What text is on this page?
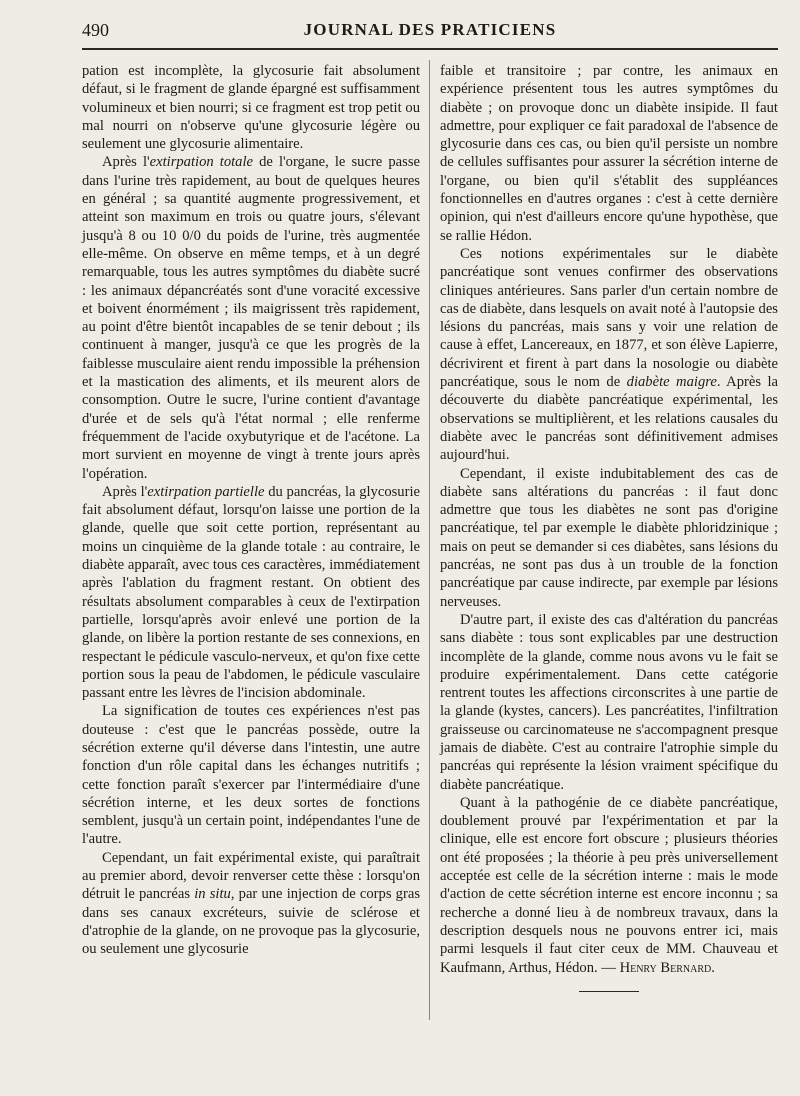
490	JOURNAL DES PRATICIENS

pation est incomplète, la glycosurie fait absolument défaut, si le fragment de glande épargné est suffisamment volumineux et bien nourri; si ce fragment est trop petit ou mal nourri on n'observe qu'une glycosurie légère ou seulement une glycosurie alimentaire.

Après l'extirpation totale de l'organe, le sucre passe dans l'urine très rapidement, au bout de quelques heures en général ; sa quantité augmente progressivement, et atteint son maximum en trois ou quatre jours, s'élevant jusqu'à 8 ou 10 0/0 du poids de l'urine, très augmentée elle-même. On observe en même temps, et à un degré remarquable, tous les autres symptômes du diabète sucré : les animaux dépancréatés sont d'une voracité excessive et boivent énormément ; ils maigrissent très rapidement, au point d'être bientôt incapables de se tenir debout ; ils continuent à manger, jusqu'à ce que les progrès de la faiblesse musculaire aient rendu impossible la préhension et la mastication des aliments, et ils meurent alors de consomption. Outre le sucre, l'urine contient d'avantage d'urée et de sels qu'à l'état normal ; elle renferme fréquemment de l'acide oxybutyrique et de l'acétone. La mort survient en moyenne de vingt à trente jours après l'opération.

Après l'extirpation partielle du pancréas, la glycosurie fait absolument défaut, lorsqu'on laisse une portion de la glande, quelle que soit cette portion, représentant au moins un cinquième de la glande totale : au contraire, le diabète apparaît, avec tous ces caractères, immédiatement après l'ablation du fragment restant. On obtient des résultats absolument comparables à ceux de l'extirpation partielle, lorsqu'après avoir enlevé une portion de la glande, on libère la portion restante de ses connexions, en respectant le pédicule vasculo-nerveux, et qu'on fixe cette portion sous la peau de l'abdomen, le pédicule vasculaire passant entre les lèvres de l'incision abdominale.

La signification de toutes ces expériences n'est pas douteuse : c'est que le pancréas possède, outre la sécrétion externe qu'il déverse dans l'intestin, une autre fonction d'un rôle capital dans les échanges nutritifs ; cette fonction paraît s'exercer par l'intermédiaire d'une sécrétion interne, et les deux sortes de fonctions semblent, jusqu'à un certain point, indépendantes l'une de l'autre.

Cependant, un fait expérimental existe, qui paraîtrait au premier abord, devoir renverser cette thèse : lorsqu'on détruit le pancréas in situ, par une injection de corps gras dans ses canaux excréteurs, suivie de sclérose et d'atrophie de la glande, on ne provoque pas la glycosurie, ou seulement une glycosurie

faible et transitoire ; par contre, les animaux en expérience présentent tous les autres symptômes du diabète ; on provoque donc un diabète insipide. Il faut admettre, pour expliquer ce fait paradoxal de l'absence de glycosurie dans ces cas, ou bien qu'il persiste un nombre de cellules suffisantes pour assurer la sécrétion interne de l'organe, ou bien qu'il s'établit des suppléances fonctionnelles en d'autres organes : c'est à cette dernière opinion, qui n'est d'ailleurs encore qu'une hypothèse, que se rallie Hédon.

Ces notions expérimentales sur le diabète pancréatique sont venues confirmer des observations cliniques antérieures. Sans parler d'un certain nombre de cas de diabète, dans lesquels on avait noté à l'autopsie des lésions du pancréas, mais sans y voir une relation de cause à effet, Lancereaux, en 1877, et son élève Lapierre, décrivirent et firent à part dans la nosologie ou diabète pancréatique, sous le nom de diabète maigre. Après la découverte du diabète pancréatique expérimental, les observations se multiplièrent, et les relations causales du diabète avec le pancréas sont définitivement admises aujourd'hui.

Cependant, il existe indubitablement des cas de diabète sans altérations du pancréas : il faut donc admettre que tous les diabètes ne sont pas d'origine pancréatique, tel par exemple le diabète phloridzinique ; mais on peut se demander si ces diabètes, sans lésions du pancréas, ne sont pas dus à un trouble de la fonction pancréatique par cause indirecte, par exemple par lésions nerveuses.

D'autre part, il existe des cas d'altération du pancréas sans diabète : tous sont explicables par une destruction incomplète de la glande, comme nous avons vu le fait se produire expérimentalement. Dans cette catégorie rentrent toutes les affections circonscrites à une partie de la glande (kystes, cancers). Les pancréatites, l'infiltration graisseuse ou carcinomateuse ne s'accompagnent presque jamais de diabète. C'est au contraire l'atrophie simple du pancréas qui représente la lésion vraiment spécifique du diabète pancréatique.

Quant à la pathogénie de ce diabète pancréatique, doublement prouvé par l'expérimentation et par la clinique, elle est encore fort obscure ; plusieurs théories ont été proposées ; la théorie à peu près universellement acceptée est celle de la sécrétion interne : mais le mode d'action de cette sécrétion interne est encore inconnu ; sa recherche a donné lieu à de nombreux travaux, dans la description desquels nous ne pouvons entrer ici, mais parmi lesquels il faut citer ceux de MM. Chauveau et Kaufmann, Arthus, Hédon. — Henry Bernard.
